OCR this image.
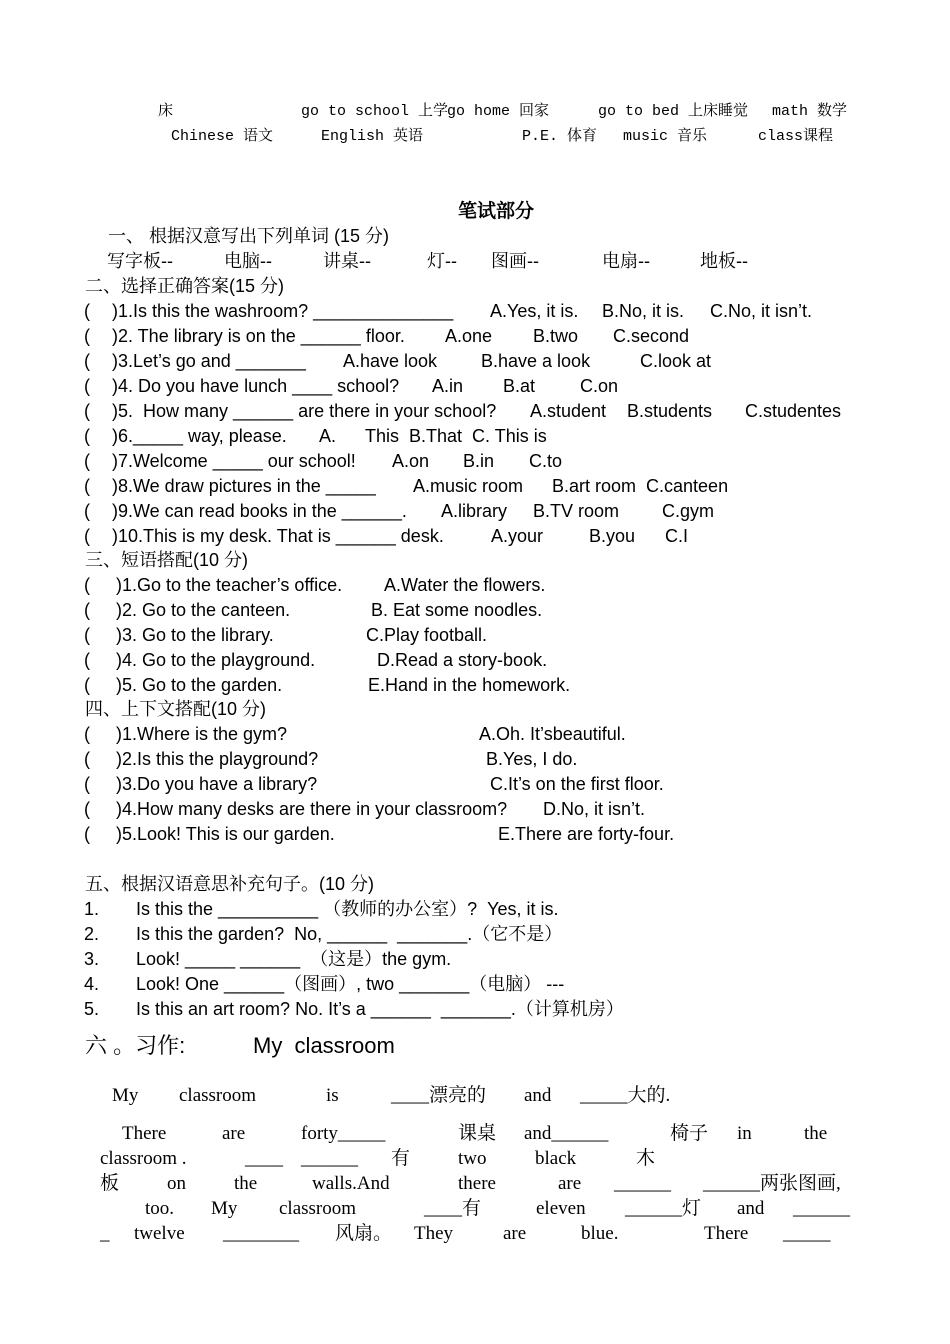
床	go to school 上学
go home 回家	go to bed 上床睡觉 math 数学
Chinese 语文	English 英语	P.E. 体育 music 音乐	class课程
笔试部分
一、 根据汉意写出下列单词 (15 分)
写字板--	电脑--	讲桌--	灯-- 图画--	电扇--	地板--
二、选择正确答案(15 分)
( )1.Is this the washroom? ______________ A.Yes, it is. B.No, it is. C.No, it isn’t.
( )2. The library is on the ______ floor. A.one B.two C.second
( )3.Let’s go and _______ A.have look B.have a look	C.look at
( )4. Do you have lunch ____ school? A.in B.at C.on
( )5.  How many ______ are there in your school? A.student B.students C.studentes
( )6._____ way, please. A. This  B.That  C. This is
( )7.Welcome _____ our school! A.on B.in C.to
( )8.We draw pictures in the _____ A.music room B.art room  C.canteen
( )9.We can read books in the ______. A.library B.TV room C.gym
( )10.This is my desk. That is ______ desk.	A.your	B.you C.I
三、短语搭配(10 分)
( )1.Go to the teacher’s office. A.Water the flowers.
( )2. Go to the canteen.	B. Eat some noodles.
( )3. Go to the library.	C.Play football.
( )4. Go to the playground.	D.Read a story-book.
( )5. Go to the garden.	E.Hand in the homework.
四、上下文搭配(10 分)
( )1.Where is the gym?	A.Oh. It’sbeautiful.
( )2.Is this the playground?	B.Yes, I do.
( )3.Do you have a library?	C.It’s on the first floor.
( )4.How many desks are there in your classroom? D.No, it isn’t.
( )5.Look! This is our garden.	E.There are forty-four.
五、根据汉语意思补充句子。(10 分)
1. Is this the __________ （教师的办公室）?  Yes, it is.
2. Is this the garden?  No, ______  _______.（它不是）
3. Look! _____ ______  （这是）the gym.
4. Look! One ______（图画）, two _______（电脑） ---
5. Is this an art room? No. It’s a ______  _______.（计算机房）
六 。习作:	My  classroom
My classroom	is	____漂亮的 and _____大的.
There	are	forty_____	课桌 and______	椅子 in	the
classroom .	____ ______ 有	two	black	木
板	on	the	walls.And	there	are ______ ______两张图画,
too. My classroom	____有	eleven ______灯 and ______
_ twelve ________ 风扇。 They	are	blue.	There _____
